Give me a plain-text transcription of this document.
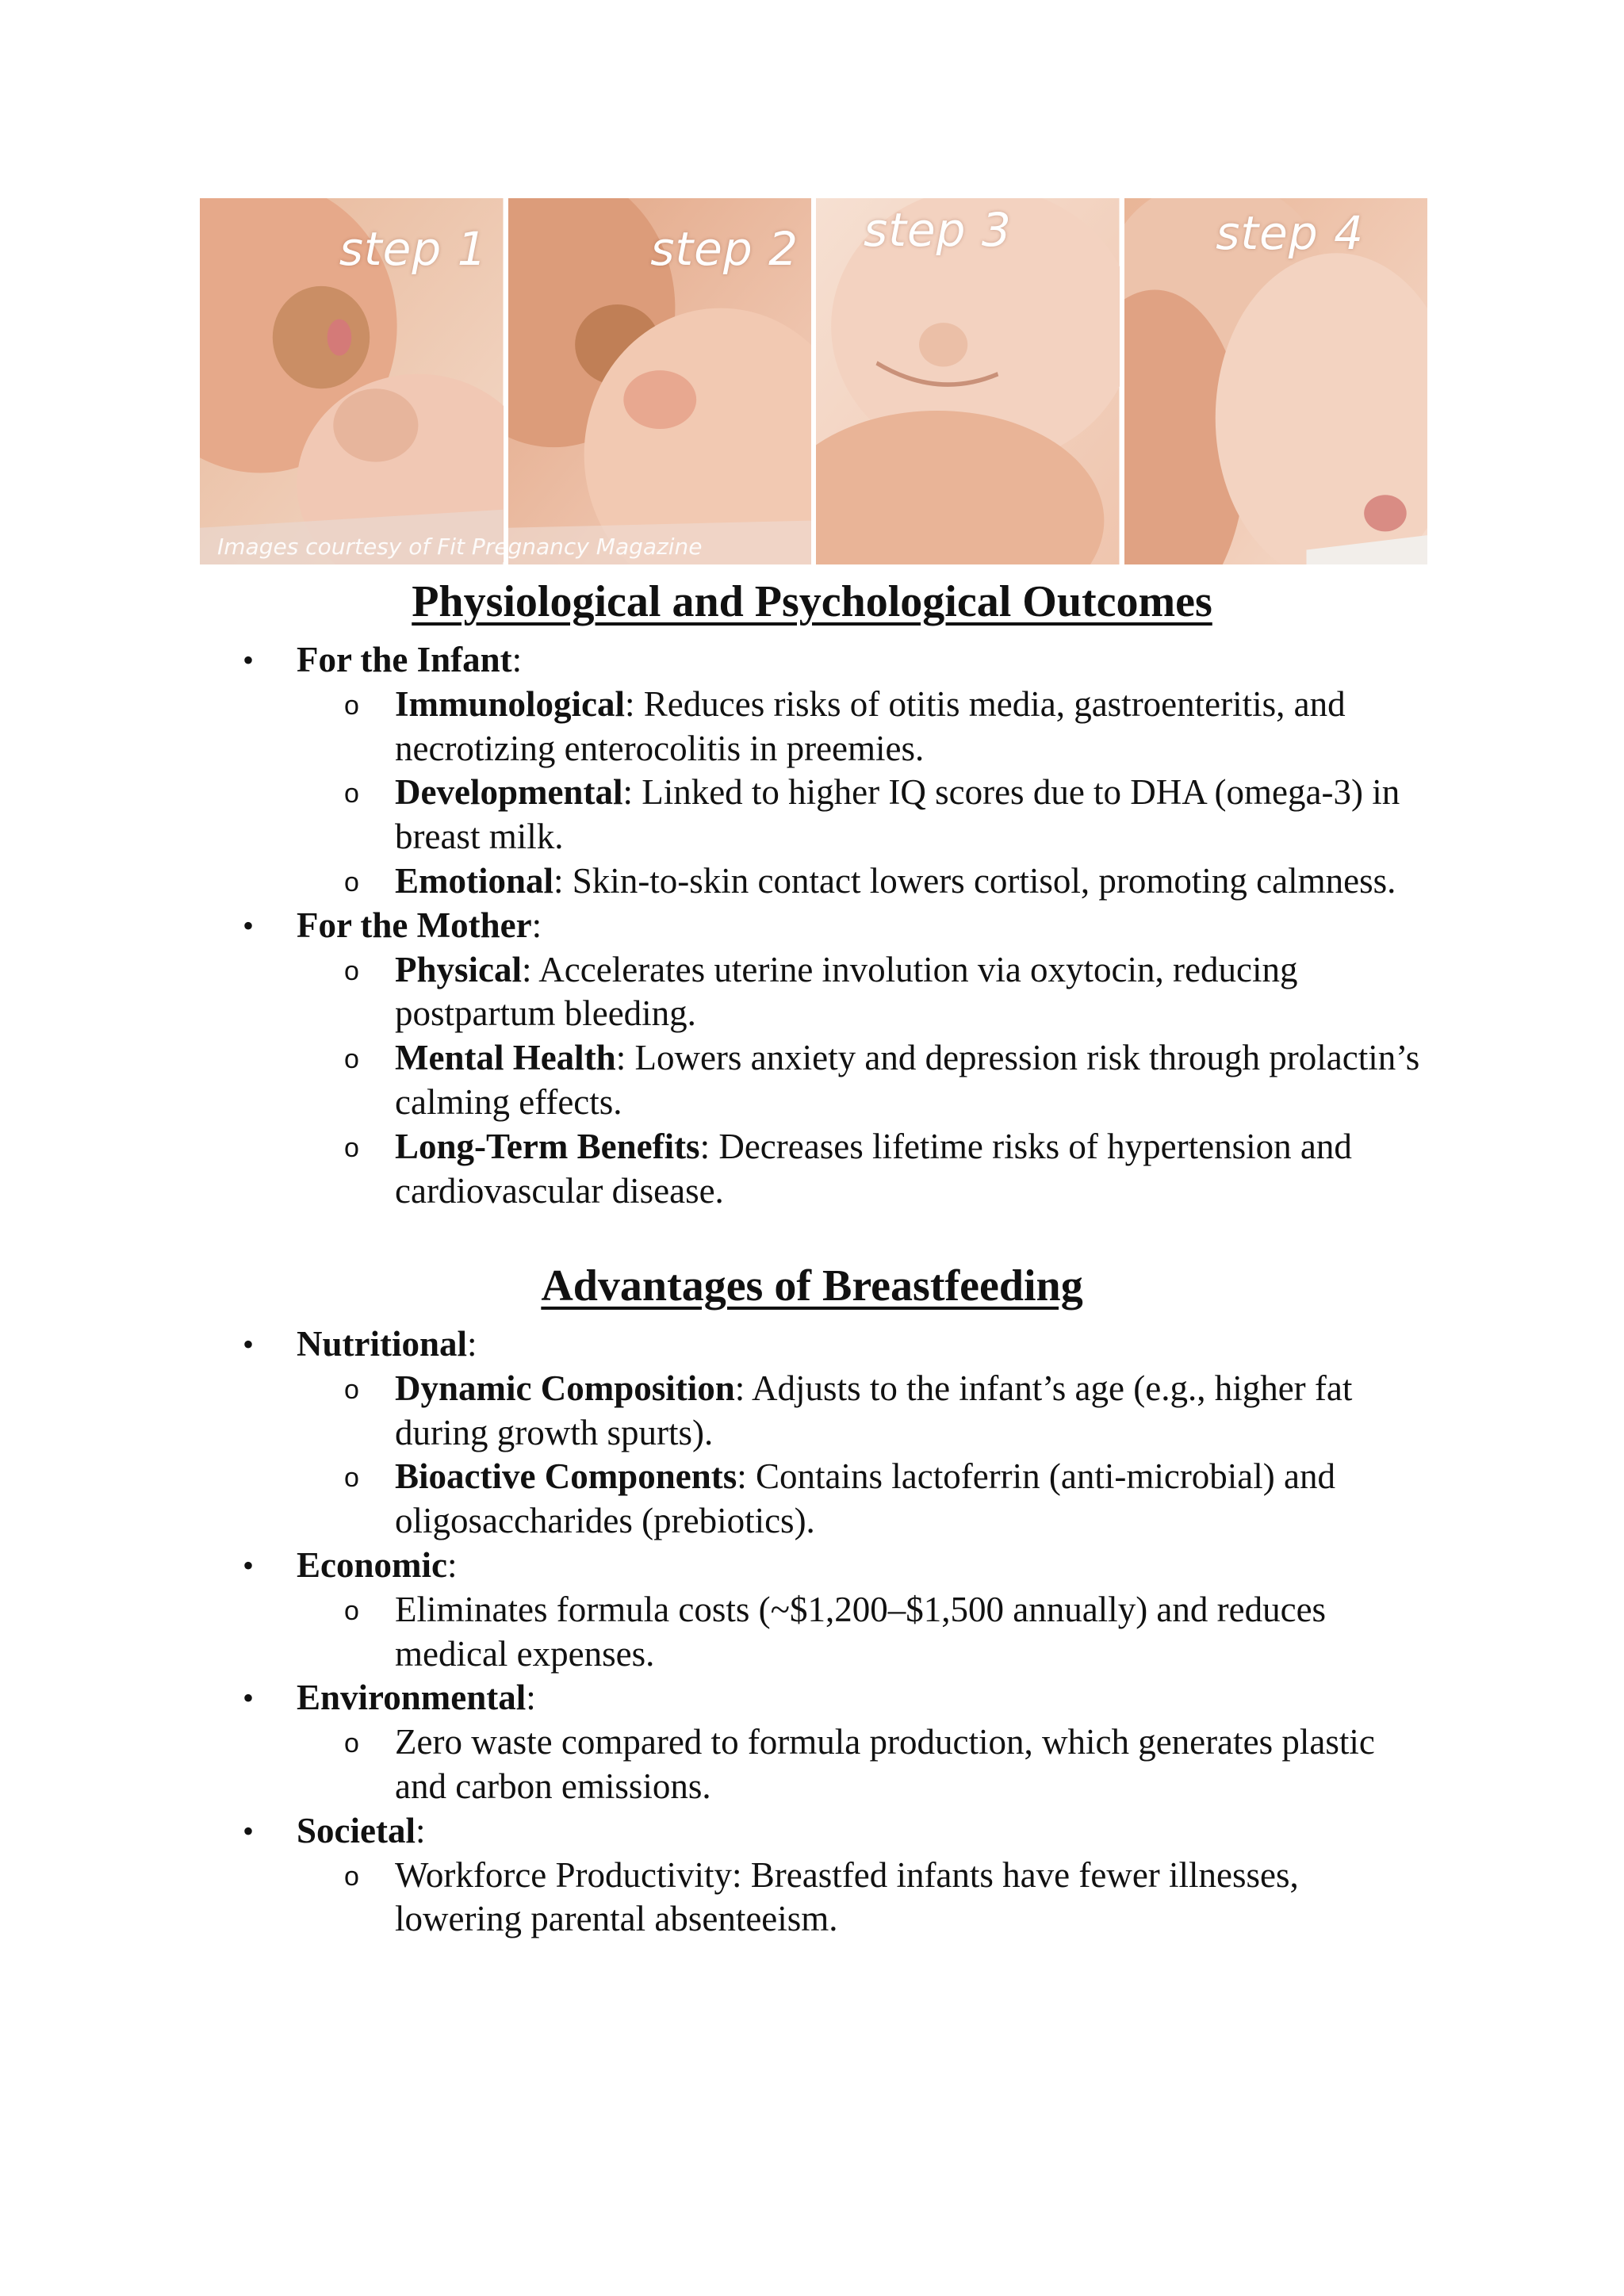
step 1	step 2 step 3	step 4
Images courtesy of Fit Pregnancy Magazine
Physiological and Psychological Outcomes
• For the Infant:
o Immunological: Reduces risks of otitis media, gastroenteritis, and necrotizing enterocolitis in preemies.
o Developmental: Linked to higher IQ scores due to DHA (omega-3) in breast milk.
o Emotional: Skin-to-skin contact lowers cortisol, promoting calmness.
• For the Mother:
o Physical: Accelerates uterine involution via oxytocin, reducing postpartum bleeding.
o Mental Health: Lowers anxiety and depression risk through prolactin’s calming effects.
o Long-Term Benefits: Decreases lifetime risks of hypertension and cardiovascular disease.
Advantages of Breastfeeding
• Nutritional:
o Dynamic Composition: Adjusts to the infant’s age (e.g., higher fat during growth spurts).
o Bioactive Components: Contains lactoferrin (anti-microbial) and oligosaccharides (prebiotics).
• Economic:
o Eliminates formula costs (~$1,200–$1,500 annually) and reduces medical expenses.
• Environmental:
o Zero waste compared to formula production, which generates plastic and carbon emissions.
• Societal:
o Workforce Productivity: Breastfed infants have fewer illnesses, lowering parental absenteeism.
